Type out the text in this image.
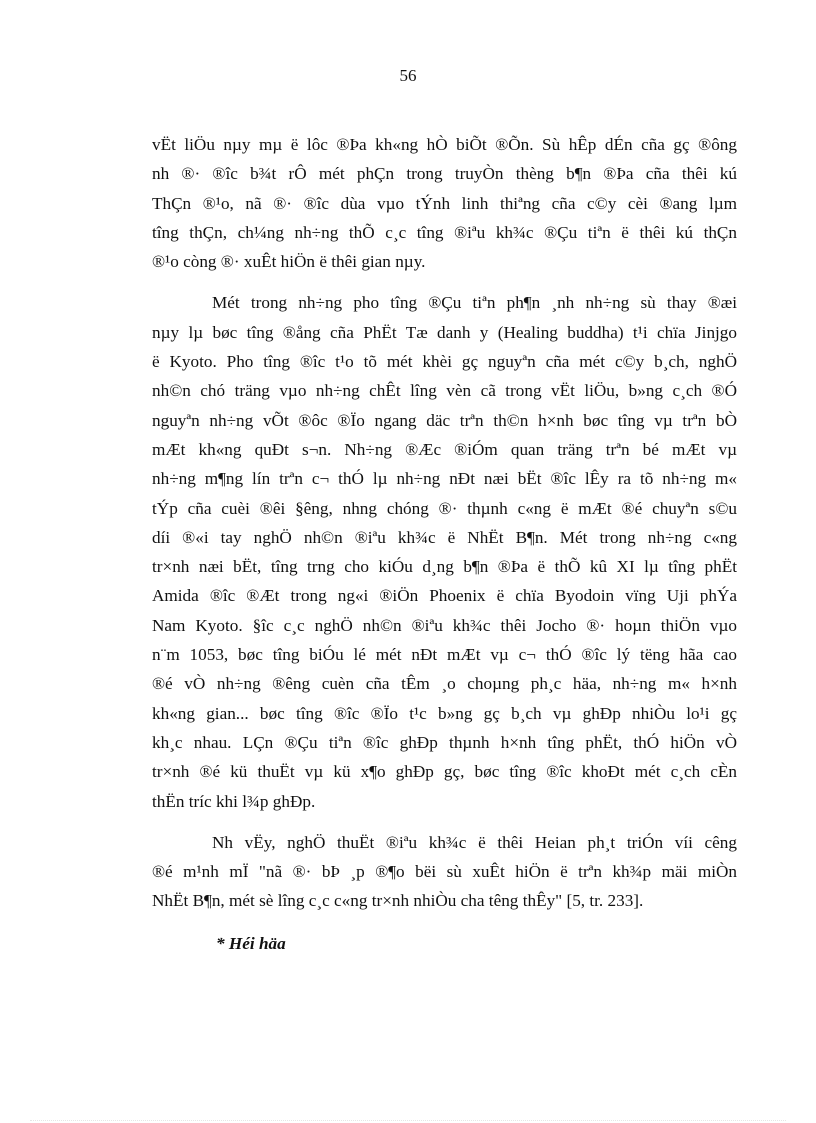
56

vËt liÖu nµy mµ ë lôc ®Þa kh«ng hÒ biÕt ®Õn. Sù hÊp dÉn cña gç ®ông
nh ®· ®îc b¾t rÔ mét phÇn trong truyÒn thèng b¶n ®Þa cña thêi kú
ThÇn ®¹o, nã ®· ®îc dùa vµo tÝnh linh thiªng cña c©y cèi ®ang lµm
tîng thÇn, ch¼ng nh÷ng thÕ c¸c tîng ®iªu kh¾c ®Çu tiªn ë thêi kú thÇn
®¹o còng ®· xuÊt hiÖn ë thêi gian nµy.

Mét trong nh÷ng pho tîng ®Çu tiªn ph¶n ¸nh nh÷ng sù thay ®æi
nµy lµ bøc tîng ®ång cña PhËt Tæ danh y (Healing buddha) t¹i chïa Jinjgo
ë Kyoto. Pho tîng ®îc t¹o tõ mét khèi gç nguyªn cña mét c©y b¸ch, nghÖ
nh©n chó träng vµo nh÷ng chÊt lîng vèn cã trong vËt liÖu, b»ng c¸ch ®Ó
nguyªn nh÷ng vÕt ®ôc ®Ïo ngang däc trªn th©n h×nh bøc tîng vµ trªn bÒ
mÆt kh«ng quÐt s¬n. Nh÷ng ®Æc ®iÓm quan träng trªn bé mÆt vµ
nh÷ng m¶ng lín trªn c¬ thÓ lµ nh÷ng nÐt næi bËt ®îc lÊy ra tõ nh÷ng m«
tÝp cña cuèi ®êi §êng, nhng chóng ®· thµnh c«ng ë mÆt ®é chuyªn s©u
díi ®«i tay nghÖ nh©n ®iªu kh¾c ë NhËt B¶n. Mét trong nh÷ng c«ng
tr×nh næi bËt, tîng trng cho kiÓu d¸ng b¶n ®Þa ë thÕ kû XI lµ tîng phËt
Amida ®îc ®Æt trong ng«i ®iÖn Phoenix ë chïa Byodoin vïng Uji phÝa
Nam Kyoto. §îc c¸c nghÖ nh©n ®iªu kh¾c thêi Jocho ®· hoµn thiÖn vµo
n¨m 1053, bøc tîng biÓu lé mét nÐt mÆt vµ c¬ thÓ ®îc lý tëng hãa cao
®é vÒ nh÷ng ®êng cuèn cña tÊm ¸o choµng ph¸c häa, nh÷ng m« h×nh
kh«ng gian... bøc tîng ®îc ®Ïo t¹c b»ng gç b¸ch vµ ghÐp nhiÒu lo¹i gç
kh¸c nhau. LÇn ®Çu tiªn ®îc ghÐp thµnh h×nh tîng phËt, thÓ hiÖn vÒ
tr×nh ®é kü thuËt vµ kü x¶o ghÐp gç, bøc tîng ®îc khoÐt mét c¸ch cÈn
thËn tríc khi l¾p ghÐp.

Nh vËy, nghÖ thuËt ®iªu kh¾c ë thêi Heian ph¸t triÓn víi cêng
®é m¹nh mÏ "nã ®· bÞ ¸p ®¶o bëi sù xuÊt hiÖn ë trªn kh¾p mäi miÒn
NhËt B¶n, mét sè lîng c¸c c«ng tr×nh nhiÒu cha têng thÊy" [5, tr. 233].

* Héi häa
